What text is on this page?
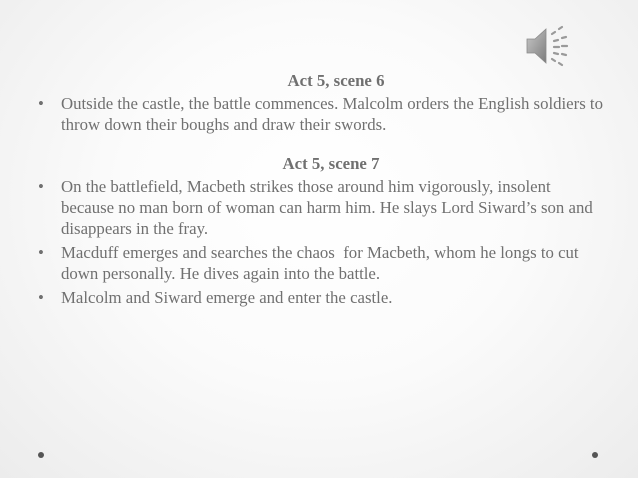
Act 5, scene 6

• Outside the castle, the battle commences. Malcolm orders the English soldiers to throw down their boughs and draw their swords.

Act 5, scene 7

• On the battlefield, Macbeth strikes those around him vigorously, insolent because no man born of woman can harm him. He slays Lord Siward’s son and disappears in the fray.
• Macduff emerges and searches the chaos  for Macbeth, whom he longs to cut down personally. He dives again into the battle.
• Malcolm and Siward emerge and enter the castle.
